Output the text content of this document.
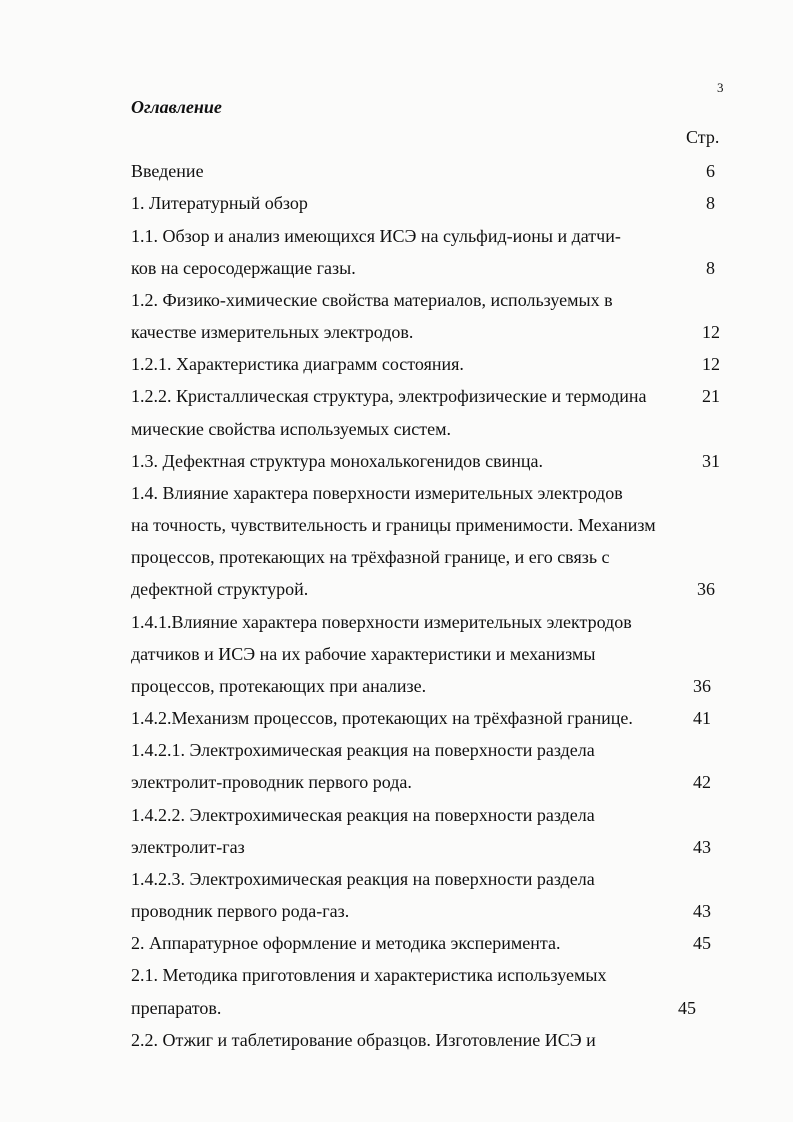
3
Оглавление
Стр.
Введение
1. Литературный обзор
1.1. Обзор и анализ имеющихся ИСЭ на сульфид-ионы и датчи-
ков на серосодержащие газы.
1.2. Физико-химические свойства материалов, используемых в
качестве измерительных электродов.
1.2.1. Характеристика диаграмм состояния.
1.2.2. Кристаллическая структура, электрофизические и термодина
мические свойства используемых систем.
1.3. Дефектная структура монохалькогенидов свинца.
1.4. Влияние характера поверхности измерительных электродов
на точность, чувствительность и границы применимости. Механизм
процессов, протекающих на трёхфазной границе, и его связь с
дефектной структурой.
1.4.1.Влияние характера поверхности измерительных электродов
датчиков и ИСЭ на их рабочие характеристики и механизмы
процессов, протекающих при анализе.
1.4.2.Механизм процессов, протекающих на трёхфазной границе.
1.4.2.1. Электрохимическая реакция на поверхности раздела
электролит-проводник первого рода.
1.4.2.2. Электрохимическая реакция на поверхности раздела
электролит-газ
1.4.2.3. Электрохимическая реакция на поверхности раздела
проводник первого рода-газ.
2. Аппаратурное оформление и методика эксперимента.
2.1. Методика приготовления и характеристика используемых
препаратов.
2.2. Отжиг и таблетирование образцов. Изготовление ИСЭ и
6
8
8
12
12
21
31
36
36
41
42
43
43
45
45
